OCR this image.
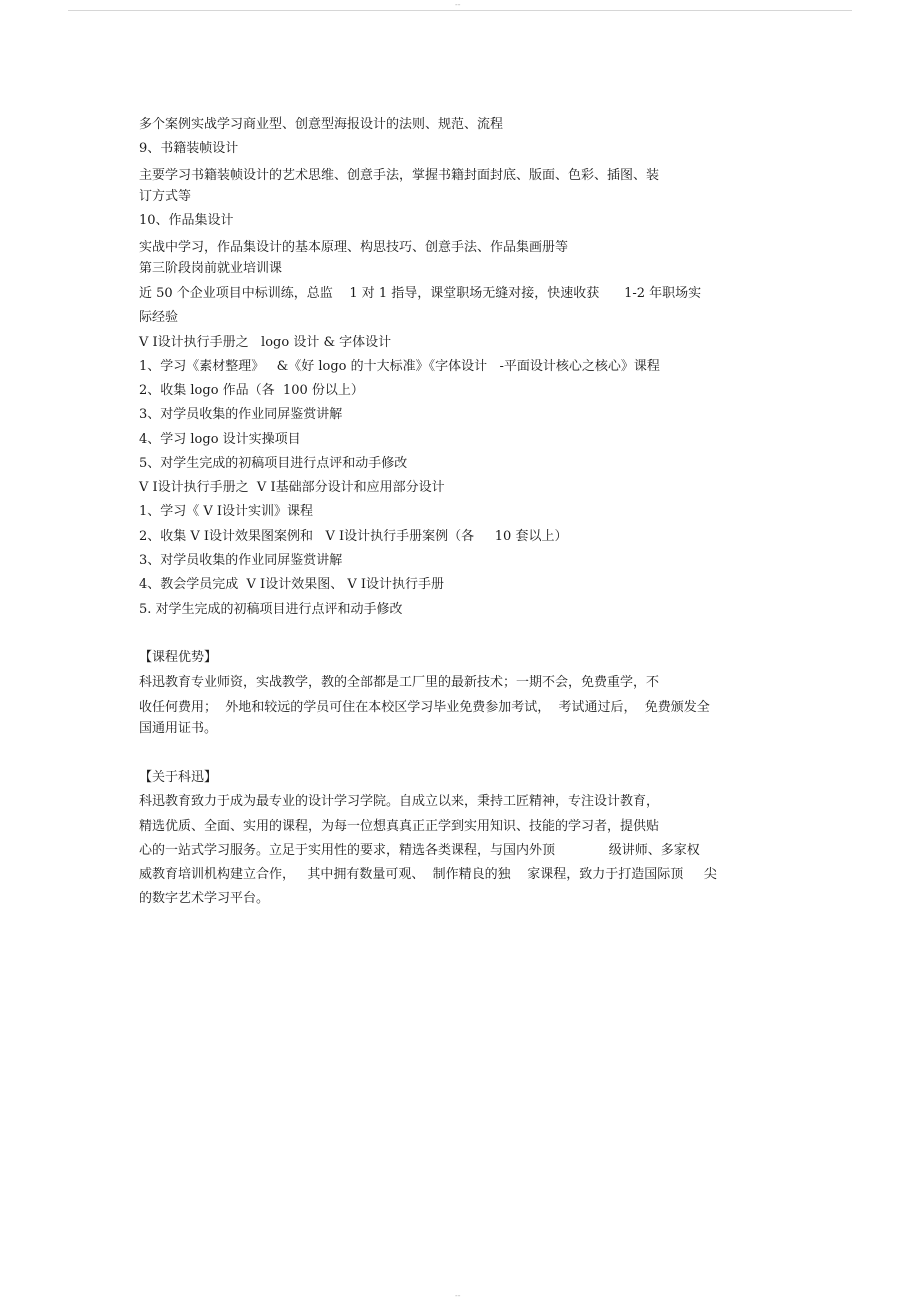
--

多个案例实战学习商业型、创意型海报设计的法则、规范、流程

9、书籍装帧设计

主要学习书籍装帧设计的艺术思维、创意手法，掌握书籍封面封底、版面、色彩、插图、装

订方式等

10、作品集设计

实战中学习，作品集设计的基本原理、构思技巧、创意手法、作品集画册等

第三阶段岗前就业培训课

近 50 个企业项目中标训练，总监    1 对 1 指导，课堂职场无缝对接，快速收获      1-2 年职场实

际经验

V I设计执行手册之   logo 设计 & 字体设计

1、学习《素材整理》   &《好 logo 的十大标准》《字体设计   -平面设计核心之核心》课程

2、收集 logo 作品（各  100 份以上）

3、对学员收集的作业同屏鉴赏讲解

4、学习 logo 设计实操项目

5、对学生完成的初稿项目进行点评和动手修改

V I设计执行手册之  V I基础部分设计和应用部分设计

1、学习《 V I设计实训》课程

2、收集 V I设计效果图案例和   V I设计执行手册案例（各     10 套以上）

3、对学员收集的作业同屏鉴赏讲解

4、教会学员完成  V I设计效果图、 V I设计执行手册

5. 对学生完成的初稿项目进行点评和动手修改

【课程优势】

科迅教育专业师资，实战教学，教的全部都是工厂里的最新技术；一期不会，免费重学，不

收任何费用；  外地和较远的学员可住在本校区学习毕业免费参加考试，  考试通过后，  免费颁发全

国通用证书。

【关于科迅】

科迅教育致力于成为最专业的设计学习学院。自成立以来，秉持工匠精神，专注设计教育，

精选优质、全面、实用的课程，为每一位想真真正正学到实用知识、技能的学习者，提供贴

心的一站式学习服务。立足于实用性的要求，精选各类课程，与国内外顶             级讲师、多家权

威教育培训机构建立合作，   其中拥有数量可观、  制作精良的独    家课程，致力于打造国际顶     尖

的数字艺术学习平台。

--
